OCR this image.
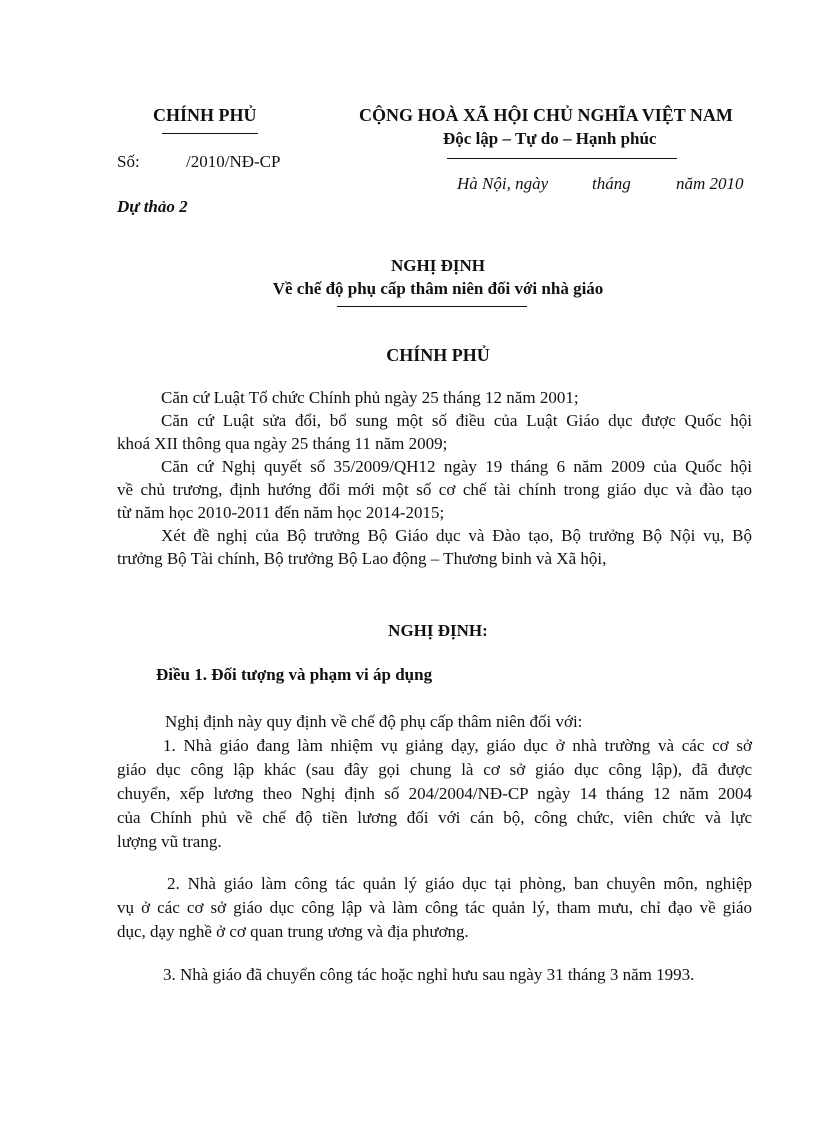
CHÍNH PHỦ
Số:	/2010/NĐ-CP
Dự thảo 2
CỘNG HOÀ XÃ HỘI CHỦ NGHĨA VIỆT NAM
Độc lập – Tự do – Hạnh phúc
Hà Nội, ngày	tháng	năm 2010
NGHỊ ĐỊNH
Về chế độ phụ cấp thâm niên đối với nhà giáo
CHÍNH PHỦ
Căn cứ Luật Tổ chức Chính phủ ngày 25 tháng 12 năm 2001;
Căn cứ Luật sửa đổi, bổ sung một số điều của Luật Giáo dục được Quốc hội
khoá XII thông qua ngày 25 tháng 11 năm 2009;
Căn cứ Nghị quyết số 35/2009/QH12 ngày 19 tháng 6 năm 2009 của Quốc hội
về chủ trương, định hướng đổi mới một số cơ chế tài chính trong giáo dục và đào tạo
từ năm học 2010-2011 đến năm học 2014-2015;
Xét đề nghị của Bộ trưởng Bộ Giáo dục và Đào tạo, Bộ trưởng Bộ Nội vụ, Bộ
trưởng Bộ Tài chính, Bộ trưởng Bộ Lao động – Thương binh và Xã hội,
NGHỊ ĐỊNH:
Điều 1. Đối tượng và phạm vi áp dụng
Nghị định này quy định về chế độ phụ cấp thâm niên đối với:
1. Nhà giáo đang làm nhiệm vụ giảng dạy, giáo dục ở nhà trường và các cơ sở
giáo dục công lập khác (sau đây gọi chung là cơ sở giáo dục công lập), đã được
chuyển, xếp lương theo Nghị định số 204/2004/NĐ-CP ngày 14 tháng 12 năm 2004
của Chính phủ về chế độ tiền lương đối với cán bộ, công chức, viên chức và lực
lượng vũ trang.
2. Nhà giáo làm công tác quản lý giáo dục tại phòng, ban chuyên môn, nghiệp
vụ ở các cơ sở giáo dục công lập và làm công tác quản lý, tham mưu, chỉ đạo về giáo
dục, dạy nghề ở cơ quan trung ương và địa phương.
3. Nhà giáo đã chuyển công tác hoặc nghỉ hưu sau ngày 31 tháng 3 năm 1993.
